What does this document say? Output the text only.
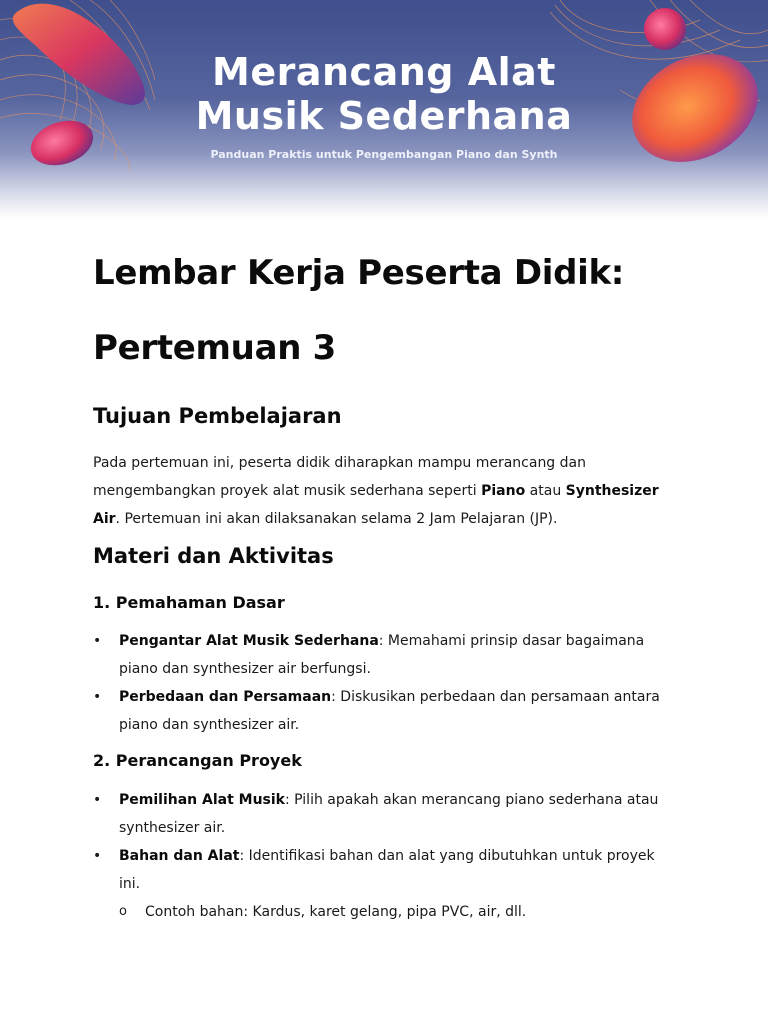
Merancang Alat
Musik Sederhana
Panduan Praktis untuk Pengembangan Piano dan Synth
Lembar Kerja Peserta Didik:
Pertemuan 3
Tujuan Pembelajaran
Pada pertemuan ini, peserta didik diharapkan mampu merancang dan mengembangkan proyek alat musik sederhana seperti Piano atau Synthesizer Air. Pertemuan ini akan dilaksanakan selama 2 Jam Pelajaran (JP).
Materi dan Aktivitas
1. Pemahaman Dasar
• Pengantar Alat Musik Sederhana: Memahami prinsip dasar bagaimana piano dan synthesizer air berfungsi.
• Perbedaan dan Persamaan: Diskusikan perbedaan dan persamaan antara piano dan synthesizer air.
2. Perancangan Proyek
• Pemilihan Alat Musik: Pilih apakah akan merancang piano sederhana atau synthesizer air.
• Bahan dan Alat: Identifikasi bahan dan alat yang dibutuhkan untuk proyek ini.
o Contoh bahan: Kardus, karet gelang, pipa PVC, air, dll.
